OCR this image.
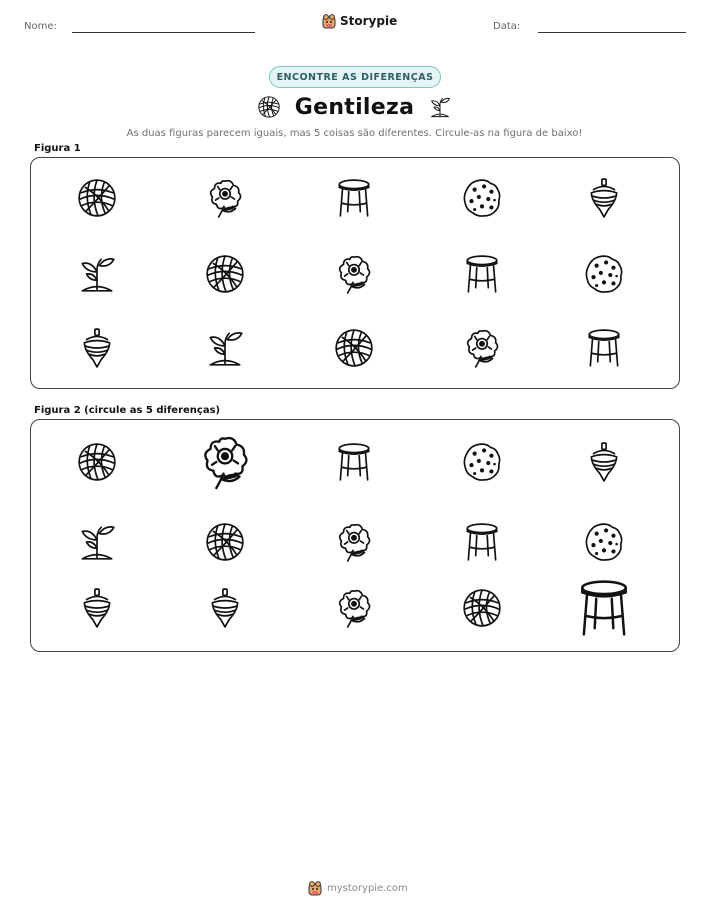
Nome:	Storypie	Data:
ENCONTRE AS DIFERENÇAS
Gentileza
As duas figuras parecem iguais, mas 5 coisas são diferentes. Circule-as na figura de baixo!
Figura 1
Figura 2 (circule as 5 diferenças)
mystorypie.com
